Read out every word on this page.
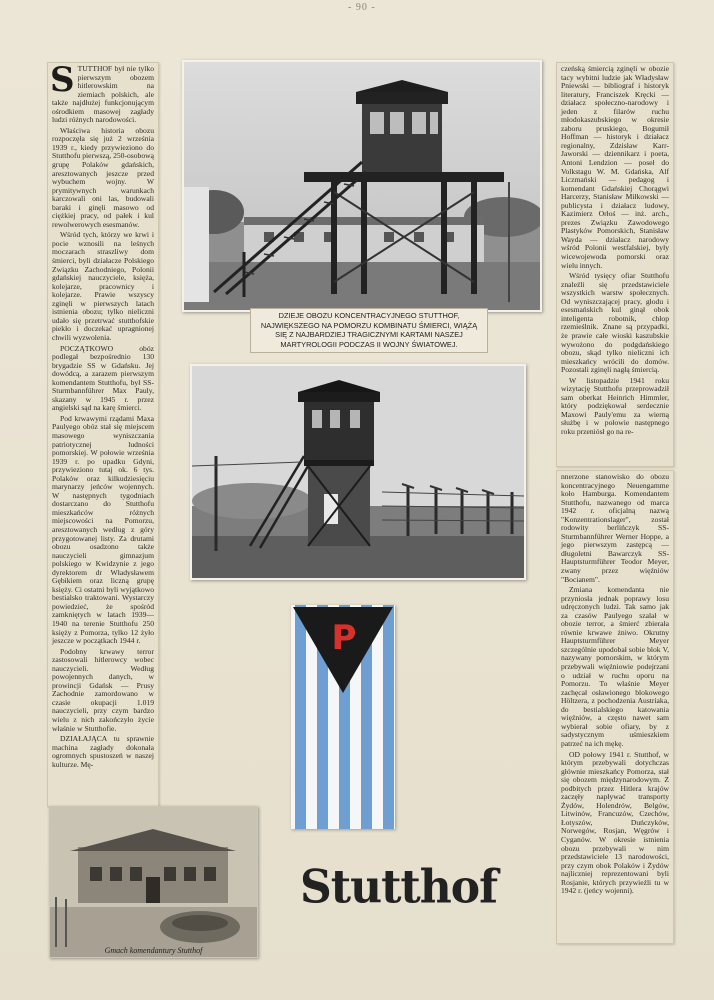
- 90 -
S TUTTHOF był nie tylko pierwszym obozem hitlerowskim na ziemiach polskich, ale także najdłużej funkcjonującym ośrodkiem masowej zagłady ludzi różnych narodowości.

Właściwa historia obozu rozpoczęła się już 2 września 1939 r., kiedy przywieziono do Stutthofu pierwszą, 250-osobową grupę Polaków gdańskich, aresztowanych jeszcze przed wybuchem wojny. W prymitywnych warunkach karczowali oni las, budowali baraki i ginęli masowo od ciężkiej pracy, od pałek i kul rewolwerowych esesmanów.

Wśród tych, którzy we krwi i pocie wznosili na leśnych moczarach straszliwy dom śmierci, byli działacze Polskiego Związku Zachodniego, Polonii gdańskiej nauczyciele, księża, kolejarze, pracownicy i kolejarze. Prawie wszyscy zginęli w pierwszych latach istnienia obozu; tylko nieliczni udało się przetrwać stutthofskie piekło i doczekać upragnionej chwili wyzwolenia.

POCZĄTKOWO obóz podlegał bezpośrednio 130 brygadzie SS w Gdańsku. Jej dowódcą, a zarazem pierwszym komendantem Stutthofu, był SS-Sturmbannführer Max Pauly, skazany w 1945 r. przez angielski sąd na karę śmierci.

Pod krwawymi rządami Maxa Paulyego obóz stał się miejscem masowego wyniszczania patriotycznej ludności pomorskiej. W połowie września 1939 r. po upadku Gdyni, przywieziono tutaj ok. 6 tys. Polaków oraz kilkudziesięciu marynarzy jeńców wojennych. W następnych tygodniach dostarczano do Stutthofu mieszkańców różnych miejscowości na Pomorzu, aresztowanych według z góry przygotowanej listy. Za drutami obozu osadzono także nauczycieli gimnazjum polskiego w Kwidzynie z jego dyrektorem dr Władysławem Gębikiem oraz liczną grupę księży. Ci ostatni byli wyjątkowo bestialsko traktowani. Wystarczy powiedzieć, że spośród zamkniętych w latach 1939—1940 na terenie Stutthofu 250 księży z Pomorza, tylko 12 żyło jeszcze w początkach 1944 r.

Podobny krwawy terror zastosowali hitlerowcy wobec nauczycieli. Według powojennych danych, w prowincji Gdańsk — Prusy Zachodnie zamordowano w czasie okupacji 1.019 nauczycieli, przy czym bardzo wielu z nich zakończyło życie właśnie w Stutthofie.

DZIAŁAJĄCA tu sprawnie machina zagłady dokonała ogromnych spustoszeń w naszej kulturze. Mę-

czeńską śmiercią zginęli w obozie tacy wybitni ludzie jak Władysław Pniewski — bibliograf i historyk literatury, Franciszek Kręcki — działacz społeczno-narodowy i jeden z filarów ruchu młodokaszubskiego w okresie zaboru pruskiego, Bogumił Hoffman — historyk i działacz regionalny, Zdzisław Karr-Jaworski — dziennikarz i poeta, Antoni Lendzion — poseł do Volkstagu W. M. Gdańska, Alf Liczmański — pedagog i komendant Gdańskiej Chorągwi Harcerzy, Stanisław Miłkowski — publicysta i działacz ludowy, Kazimierz Orłoś — inż. arch., prezes Związku Zawodowego Plastyków Pomorskich, Stanisław Wayda — działacz narodowy wśród Polonii westfalskiej, były wicewojewoda pomorski oraz wielu innych.

Wśród tysięcy ofiar Stutthofu znaleźli się przedstawiciele wszystkich warstw społecznych. Od wyniszczającej pracy, głodu i esesmańskich kul ginął obok inteligenta robotnik, chłop rzemieślnik. Znane są przypadki, że prawie całe wioski kaszubskie wywożono do podgdańskiego obozu, skąd tylko nieliczni ich mieszkańcy wrócili do domów. Pozostali zginęli nagłą śmiercią.

W listopadzie 1941 roku wizytację Stutthofu przeprowadził sam oberkat Heinrich Himmler, który podziękował serdecznie Maxowi Pauly'emu za wierną służbę i w połowie następnego roku przeniósł go na re-

nnerzone stanowisko do obozu koncentracyjnego Neuengamme koło Hamburga. Komendantem Stutthofu, nazwanego od marca 1942 r. oficjalną nazwą "Konzentrationslager", został rodowity berlińczyk SS-Sturmbannführer Werner Hoppe, a jego pierwszym zastępcą — długoletni Bawarczyk SS-Hauptsturmführer Teodor Meyer, zwany przez więźniów "Bocianem".

Zmiana komendanta nie przyniosła jednak poprawy losu udręczonych ludzi. Tak samo jak za czasów Paulyego szalał w obozie terror, a śmierć zbierała równie krwawe żniwo. Okrutny Hauptsturmführer Meyer szczególnie upodobał sobie blok V, nazywany pomorskim, w którym przebywali więźniowie podejrzani o udział w ruchu oporu na Pomorzu. To właśnie Meyer zachęcał osławionego blokowego Höltzera, z pochodzenia Austriaka, do bestialskiego katowania więźniów, a często nawet sam wybierał sobie ofiary, by z sadystycznym uśmieszkiem patrzeć na ich mękę.

OD połowy 1941 r. Stutthof, w którym przebywali dotychczas głównie mieszkańcy Pomorza, stał się obozem międzynarodowym. Z podbitych przez Hitlera krajów zaczęły napływać transporty Żydów, Holendrów, Belgów, Litwinów, Francuzów, Czechów, Łotyszów, Duńczyków, Norwegów, Rosjan, Węgrów i Cyganów. W okresie istnienia obozu przebywali w nim przedstawiciele 13 narodowości, przy czym obok Polaków i Żydów najliczniej reprezentowani byli Rosjanie, których przywieźli tu w 1942 r. (jeńcy wojenni).

DZIEJE OBOZU KONCENTRACYJNEGO STUTTHOF, NAJWIĘKSZEGO NA POMORZU KOMBINATU ŚMIERCI, WIĄŻĄ SIĘ Z NAJBARDZIEJ TRAGICZNYMI KARTAMI NASZEJ MARTYROLOGII PODCZAS II WOJNY ŚWIATOWEJ.
P
Gmach komendantury Stutthof
Stutthof
